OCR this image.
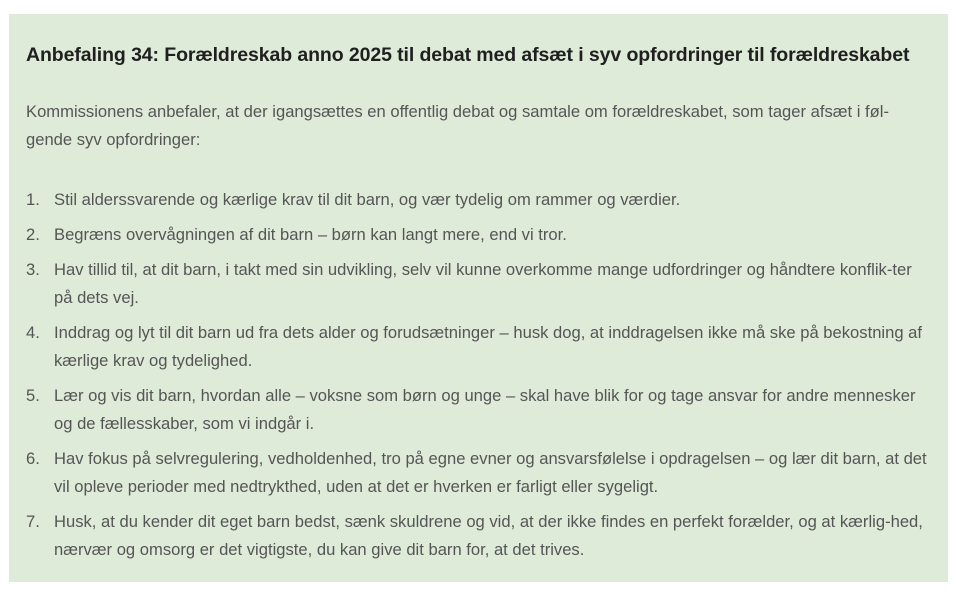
Anbefaling 34: Forældreskab anno 2025 til debat med afsæt i syv opfordringer til forældreskabet

Kommissionens anbefaler, at der igangsættes en offentlig debat og samtale om forældreskabet, som tager afsæt i føl-gende syv opfordringer:

1. Stil alderssvarende og kærlige krav til dit barn, og vær tydelig om rammer og værdier.
2. Begræns overvågningen af dit barn – børn kan langt mere, end vi tror.
3. Hav tillid til, at dit barn, i takt med sin udvikling, selv vil kunne overkomme mange udfordringer og håndtere konflik-ter på dets vej.
4. Inddrag og lyt til dit barn ud fra dets alder og forudsætninger – husk dog, at inddragelsen ikke må ske på bekostning af kærlige krav og tydelighed.
5. Lær og vis dit barn, hvordan alle – voksne som børn og unge – skal have blik for og tage ansvar for andre mennesker og de fællesskaber, som vi indgår i.
6. Hav fokus på selvregulering, vedholdenhed, tro på egne evner og ansvarsfølelse i opdragelsen – og lær dit barn, at det vil opleve perioder med nedtrykthed, uden at det er hverken er farligt eller sygeligt.
7. Husk, at du kender dit eget barn bedst, sænk skuldrene og vid, at der ikke findes en perfekt forælder, og at kærlig-hed, nærvær og omsorg er det vigtigste, du kan give dit barn for, at det trives.
